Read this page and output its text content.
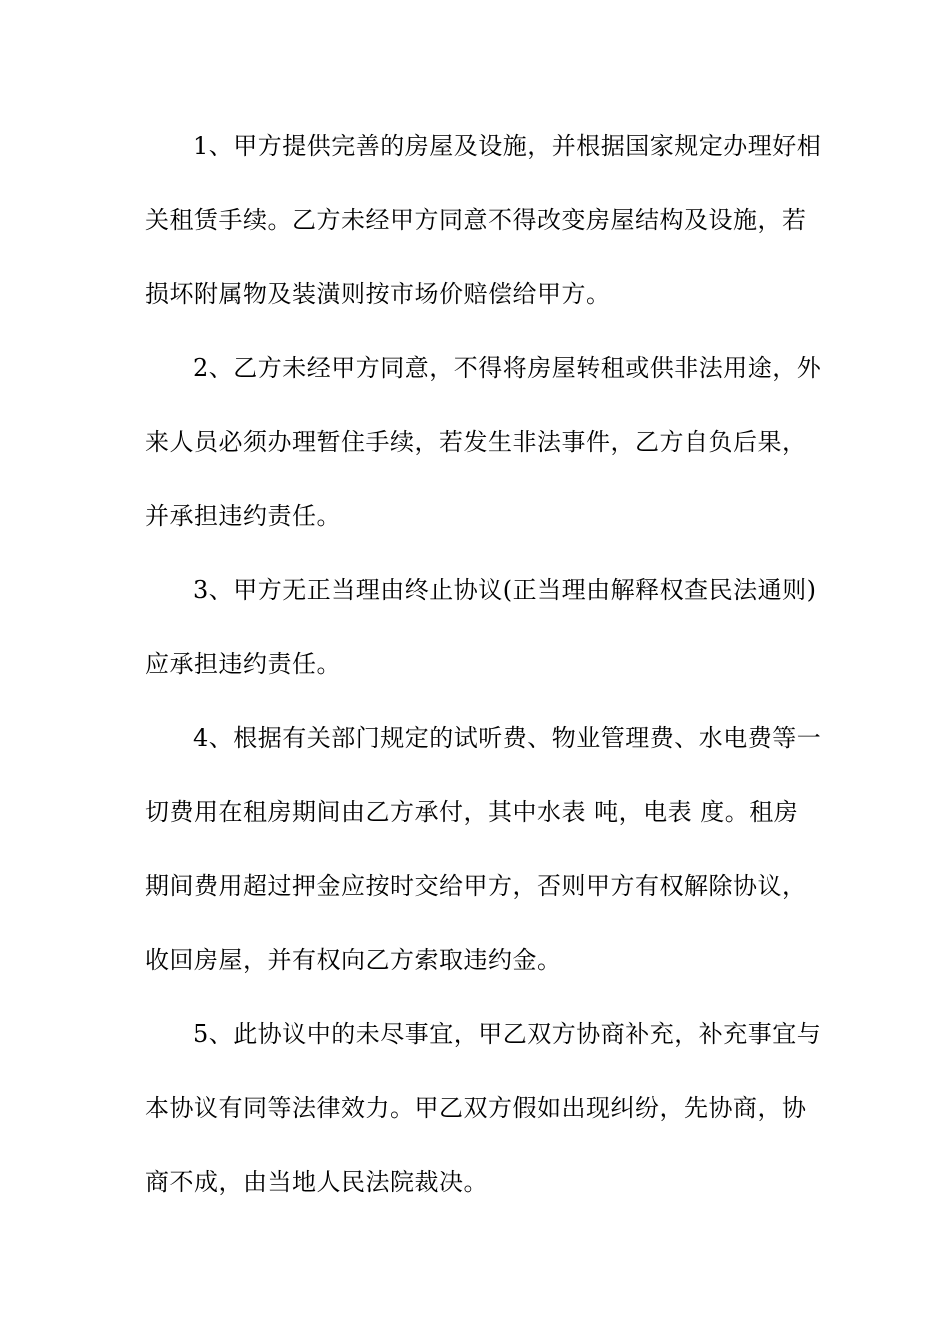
1、甲方提供完善的房屋及设施，并根据国家规定办理好相
关租赁手续。乙方未经甲方同意不得改变房屋结构及设施，若
损坏附属物及装潢则按市场价赔偿给甲方。
2、乙方未经甲方同意，不得将房屋转租或供非法用途，外
来人员必须办理暂住手续，若发生非法事件，乙方自负后果，
并承担违约责任。
3、甲方无正当理由终止协议(正当理由解释权查民法通则)
应承担违约责任。
4、根据有关部门规定的试听费、物业管理费、水电费等一
切费用在租房期间由乙方承付，其中水表 吨，电表 度。租房
期间费用超过押金应按时交给甲方，否则甲方有权解除协议，
收回房屋，并有权向乙方索取违约金。
5、此协议中的未尽事宜，甲乙双方协商补充，补充事宜与
本协议有同等法律效力。甲乙双方假如出现纠纷，先协商，协
商不成，由当地人民法院裁决。
